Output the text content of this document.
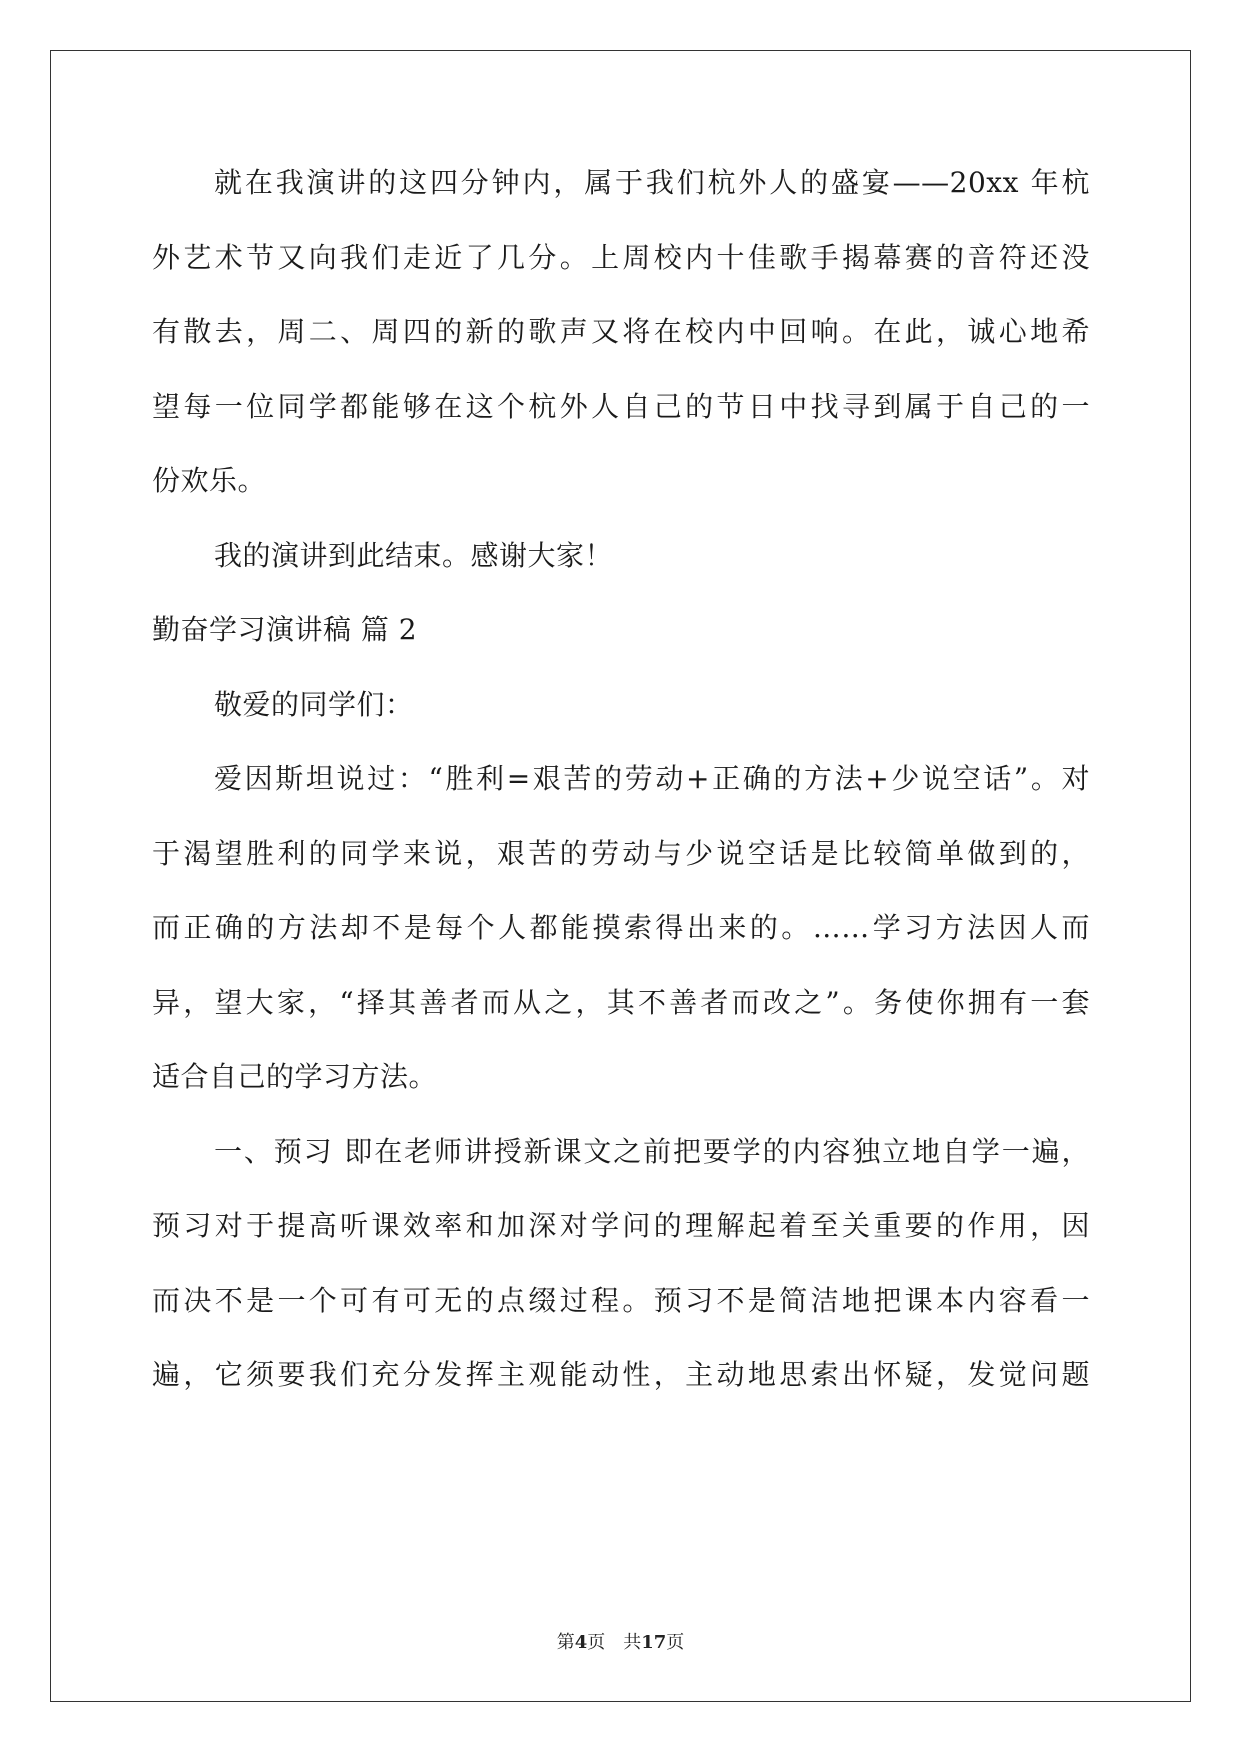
就在我演讲的这四分钟内，属于我们杭外人的盛宴——20xx 年杭
外艺术节又向我们走近了几分。上周校内十佳歌手揭幕赛的音符还没
有散去，周二、周四的新的歌声又将在校内中回响。在此，诚心地希
望每一位同学都能够在这个杭外人自己的节日中找寻到属于自己的一
份欢乐。
我的演讲到此结束。感谢大家！
勤奋学习演讲稿 篇 2
敬爱的同学们：
爱因斯坦说过：“胜利=艰苦的劳动+正确的方法+少说空话”。对
于渴望胜利的同学来说，艰苦的劳动与少说空话是比较简单做到的，
而正确的方法却不是每个人都能摸索得出来的。……学习方法因人而
异，望大家，“择其善者而从之，其不善者而改之”。务使你拥有一套
适合自己的学习方法。
一、预习 即在老师讲授新课文之前把要学的内容独立地自学一遍，
预习对于提高听课效率和加深对学问的理解起着至关重要的作用，因
而决不是一个可有可无的点缀过程。预习不是简洁地把课本内容看一
遍，它须要我们充分发挥主观能动性，主动地思索出怀疑，发觉问题
第4页　共17页
